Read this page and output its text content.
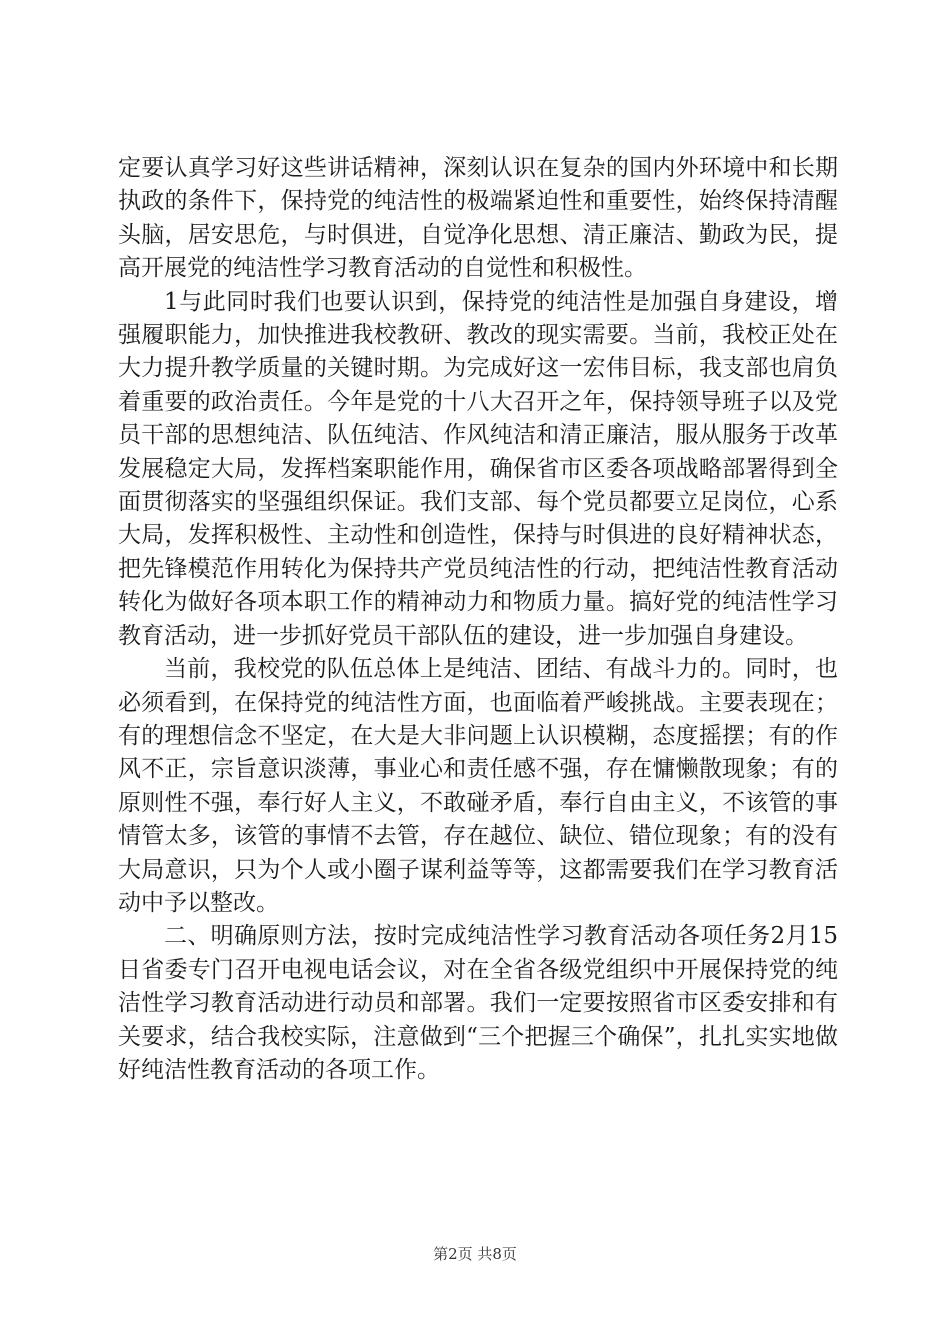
定要认真学习好这些讲话精神，深刻认识在复杂的国内外环境中和长期执政的条件下，保持党的纯洁性的极端紧迫性和重要性，始终保持清醒头脑，居安思危，与时俱进，自觉净化思想、清正廉洁、勤政为民，提高开展党的纯洁性学习教育活动的自觉性和积极性。

1与此同时我们也要认识到，保持党的纯洁性是加强自身建设，增强履职能力，加快推进我校教研、教改的现实需要。当前，我校正处在大力提升教学质量的关键时期。为完成好这一宏伟目标，我支部也肩负着重要的政治责任。今年是党的十八大召开之年，保持领导班子以及党员干部的思想纯洁、队伍纯洁、作风纯洁和清正廉洁，服从服务于改革发展稳定大局，发挥档案职能作用，确保省市区委各项战略部署得到全面贯彻落实的坚强组织保证。我们支部、每个党员都要立足岗位，心系大局，发挥积极性、主动性和创造性，保持与时俱进的良好精神状态，把先锋模范作用转化为保持共产党员纯洁性的行动，把纯洁性教育活动转化为做好各项本职工作的精神动力和物质力量。搞好党的纯洁性学习教育活动，进一步抓好党员干部队伍的建设，进一步加强自身建设。

当前，我校党的队伍总体上是纯洁、团结、有战斗力的。同时，也必须看到，在保持党的纯洁性方面，也面临着严峻挑战。主要表现在；有的理想信念不坚定，在大是大非问题上认识模糊，态度摇摆；有的作风不正，宗旨意识淡薄，事业心和责任感不强，存在慵懒散现象；有的原则性不强，奉行好人主义，不敢碰矛盾，奉行自由主义，不该管的事情管太多，该管的事情不去管，存在越位、缺位、错位现象；有的没有大局意识，只为个人或小圈子谋利益等等，这都需要我们在学习教育活动中予以整改。

二、明确原则方法，按时完成纯洁性学习教育活动各项任务2月15日省委专门召开电视电话会议，对在全省各级党组织中开展保持党的纯洁性学习教育活动进行动员和部署。我们一定要按照省市区委安排和有关要求，结合我校实际，注意做到“三个把握三个确保”，扎扎实实地做好纯洁性教育活动的各项工作。

第2页 共8页
